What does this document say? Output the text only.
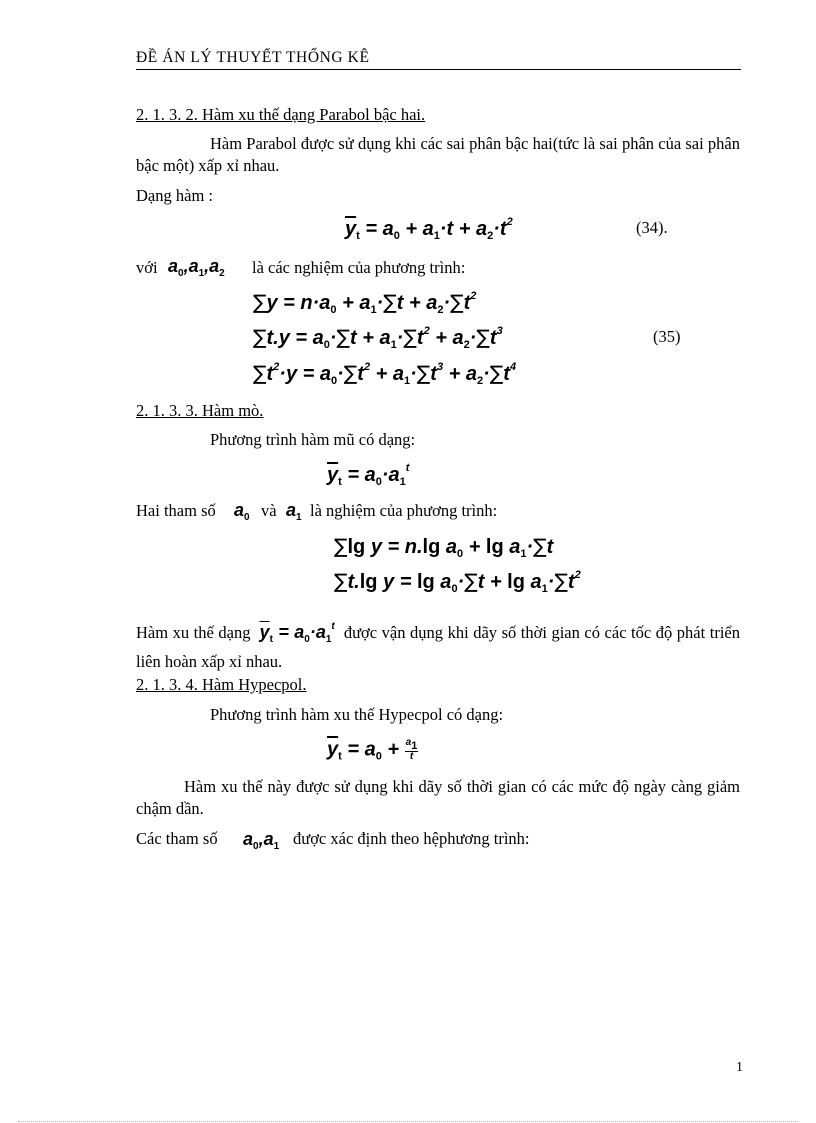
ĐỀ ÁN LÝ THUYẾT THỐNG KÊ
2. 1. 3. 2. Hàm xu thế dạng Parabol bậc hai.
Hàm Parabol được sử dụng khi các sai phân bậc hai(tức là sai phân của sai phân bậc một) xấp xỉ nhau.
Dạng hàm :
$\overline{y}_t = a_0 + a_1\cdot t + a_2\cdot t^2$	(34).
với $a_0,a_1,a_2$ là các nghiệm của phương trình:
$\sum y = n\cdot a_0 + a_1\cdot\sum t + a_2\cdot\sum t^2$
$\sum t.y = a_0\cdot\sum t + a_1\cdot\sum t^2 + a_2\cdot\sum t^3$
$\sum t^2\cdot y = a_0\cdot\sum t^2 + a_1\cdot\sum t^3 + a_2\cdot\sum t^4$
(35)
2. 1. 3. 3. Hàm mò.
Phương trình hàm mũ có dạng:
$\overline{y}_t = a_0\cdot a_1^t$
Hai tham số $a_0$ và $a_1$ là nghiệm của phương trình:
∑lg y = n.lg $a_0 + \lg a_1\cdot\sum t$
∑t.lg $y = \lg a_0\cdot\sum t + \lg a_1\cdot\sum t^2$
Hàm xu thế dạng $\overline{y}_t = a_0\cdot a_1^t$ được vận dụng khi dãy số thời gian có các tốc độ phát triển liên hoàn xấp xỉ nhau.
2. 1. 3. 4. Hàm Hypecpol.
Phương trình hàm xu thế Hypecpol có dạng:
$\overline{y}_t = a_0 + \frac{a_1}{t}$
Hàm xu thế này được sử dụng khi dãy số thời gian có các mức độ ngày càng giảm chậm dần.
Các tham số $a_0,a_1$ được xác định theo hệphương trình:
1
